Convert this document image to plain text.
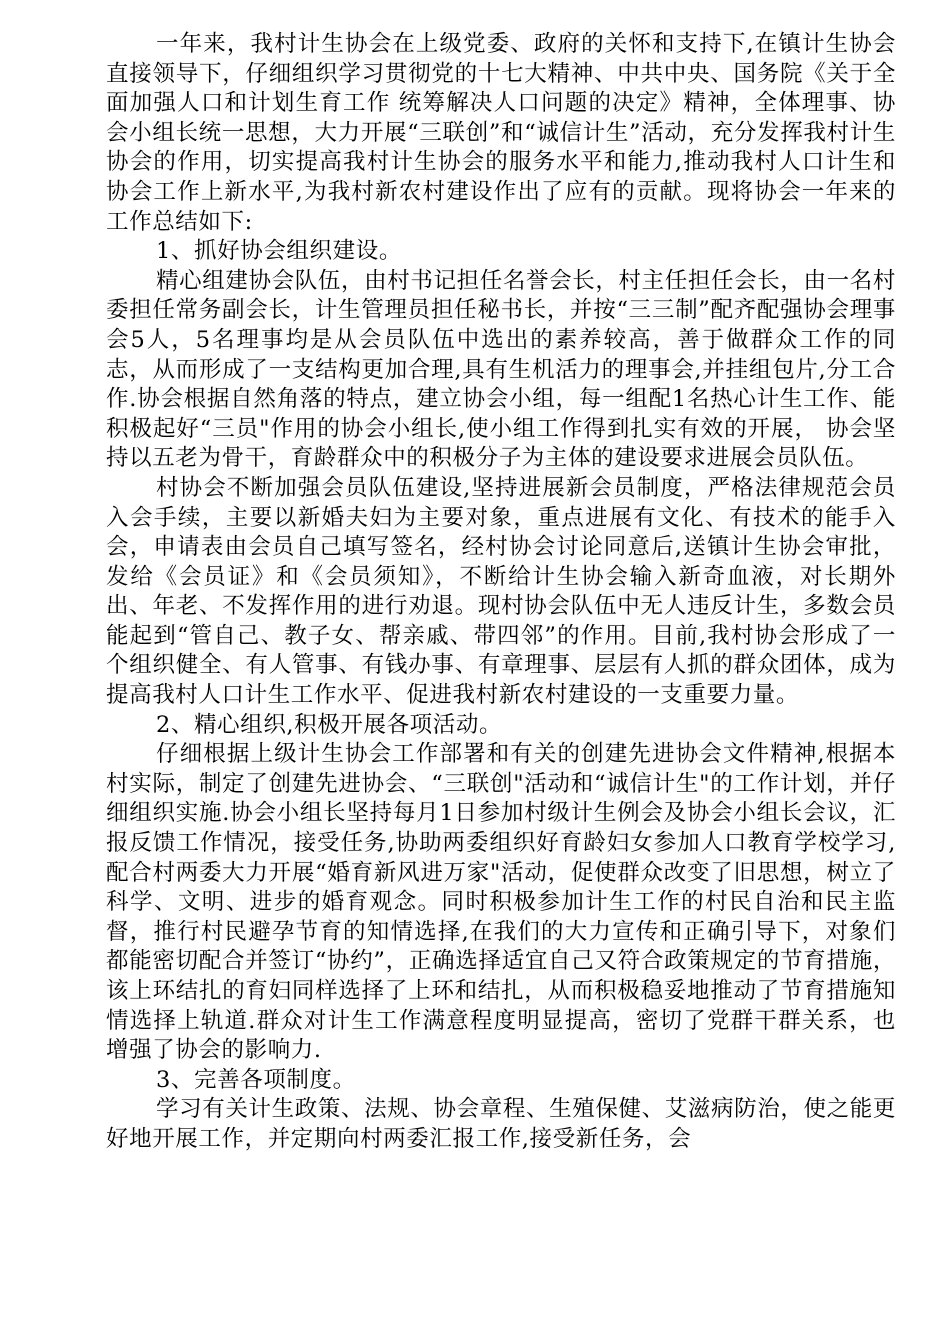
一年来，我村计生协会在上级党委、政府的关怀和支持下,在镇计生协会直接领导下，仔细组织学习贯彻党的十七大精神、中共中央、国务院《关于全面加强人口和计划生育工作 统筹解决人口问题的决定》精神，全体理事、协会小组长统一思想，大力开展“三联创”和“诚信计生”活动，充分发挥我村计生协会的作用，切实提高我村计生协会的服务水平和能力,推动我村人口计生和协会工作上新水平,为我村新农村建设作出了应有的贡献。现将协会一年来的工作总结如下:

1、抓好协会组织建设。

精心组建协会队伍，由村书记担任名誉会长，村主任担任会长，由一名村委担任常务副会长，计生管理员担任秘书长，并按“三三制”配齐配强协会理事会5人，5名理事均是从会员队伍中选出的素养较高，善于做群众工作的同志，从而形成了一支结构更加合理,具有生机活力的理事会,并挂组包片,分工合作.协会根据自然角落的特点，建立协会小组，每一组配1名热心计生工作、能积极起好“三员"作用的协会小组长,使小组工作得到扎实有效的开展， 协会坚持以五老为骨干，育龄群众中的积极分子为主体的建设要求进展会员队伍。

村协会不断加强会员队伍建设,坚持进展新会员制度，严格法律规范会员入会手续，主要以新婚夫妇为主要对象，重点进展有文化、有技术的能手入会，申请表由会员自己填写签名，经村协会讨论同意后,送镇计生协会审批，发给《会员证》和《会员须知》，不断给计生协会输入新奇血液，对长期外出、年老、不发挥作用的进行劝退。现村协会队伍中无人违反计生，多数会员能起到“管自己、教子女、帮亲戚、带四邻”的作用。目前,我村协会形成了一个组织健全、有人管事、有钱办事、有章理事、层层有人抓的群众团体，成为提高我村人口计生工作水平、促进我村新农村建设的一支重要力量。

2、精心组织,积极开展各项活动。

仔细根据上级计生协会工作部署和有关的创建先进协会文件精神,根据本村实际，制定了创建先进协会、“三联创"活动和“诚信计生"的工作计划，并仔细组织实施.协会小组长坚持每月1日参加村级计生例会及协会小组长会议，汇报反馈工作情况，接受任务,协助两委组织好育龄妇女参加人口教育学校学习,配合村两委大力开展“婚育新风进万家"活动，促使群众改变了旧思想，树立了科学、文明、进步的婚育观念。同时积极参加计生工作的村民自治和民主监督，推行村民避孕节育的知情选择,在我们的大力宣传和正确引导下，对象们都能密切配合并签订“协约”，正确选择适宜自己又符合政策规定的节育措施，该上环结扎的育妇同样选择了上环和结扎，从而积极稳妥地推动了节育措施知情选择上轨道.群众对计生工作满意程度明显提高，密切了党群干群关系，也增强了协会的影响力.

3、完善各项制度。

学习有关计生政策、法规、协会章程、生殖保健、艾滋病防治，使之能更好地开展工作，并定期向村两委汇报工作,接受新任务，会
